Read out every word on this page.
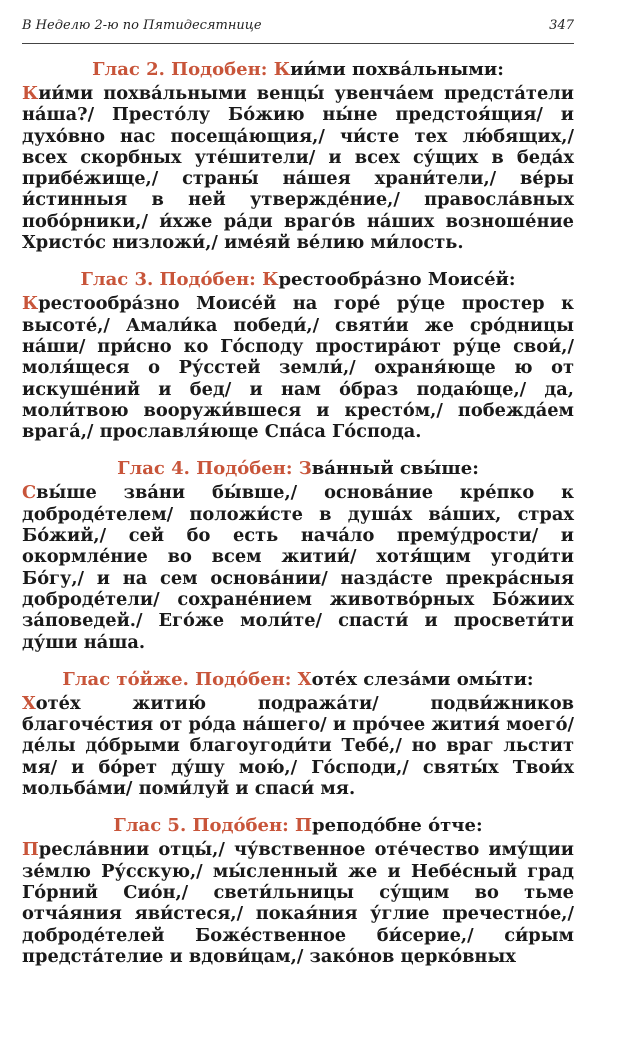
В Неделю 2-ю по Пятидесятнице	347
Глас 2. Подобен: Кии́ми похва́льными:

Кии́ми похва́льными венцы́ увенча́ем предста́тели на́ша?/ Престо́лу Бо́жию ны́не предстоя́щия/ и духо́вно нас посеща́ющия,/ чи́сте тех лю́бящих,/ всех скорбных уте́шители/ и всех су́щих в беда́х прибе́жище,/ страны́ на́шея храни́тели,/ ве́ры и́стинныя в ней утвержде́ние,/ правосла́вных побо́рники,/ и́хже ра́ди враго́в на́ших возноше́ние Христо́с низложи́,/ име́яй ве́лию ми́лость.

Глас 3. Подо́бен: Крестообра́зно Моисе́й:

Крестообра́зно Моисе́й на горе́ ру́це простер к высоте́,/ Амали́ка победи́,/ святи́и же сро́дницы на́ши/ при́сно ко Го́споду простира́ют ру́це свои́,/ моля́щеся о Ру́сстей земли́,/ охраня́юще ю от искуше́ний и бед/ и нам о́браз подаю́ще,/ да, моли́твою вооружи́вшеся и кресто́м,/ побежда́ем врага́,/ прославля́юще Спа́са Го́спода.

Глас 4. Подо́бен: Зва́нный свы́ше:

Свы́ше зва́ни бы́вше,/ основа́ние кре́пко к доброде́телем/ положи́сте в душа́х ва́ших, страх Бо́жий,/ сей бо есть нача́ло прему́дрости/ и окормле́ние во всем житии́/ хотя́щим угоди́ти Бо́гу,/ и на сем основа́нии/ назда́сте прекра́сныя доброде́тели/ сохране́нием животво́рных Бо́жиих за́поведей./ Его́же моли́те/ спасти́ и просвети́ти ду́ши на́ша.

Глас то́йже. Подо́бен: Хоте́х слеза́ми омы́ти:

Хоте́х житию́ подража́ти/ подви́жников благоче́стия от ро́да на́шего/ и про́чее жития́ моего́/ де́лы до́брыми благоугоди́ти Тебе́,/ но враг льстит мя/ и бо́рет ду́шу мою́,/ Го́споди,/ святы́х Твои́х мольба́ми/ поми́луй и спаси́ мя.

Глас 5. Подо́бен: Преподо́бне о́тче:

Пресла́внии отцы́,/ чу́вственное оте́чество иму́щии зе́млю Ру́сскую,/ мы́сленный же и Небе́сный град Го́рний Сио́н,/ свети́льницы су́щим во тьме отча́яния яви́стеся,/ покая́ния у́глие пречестно́е,/ доброде́телей Боже́ственное би́серие,/ си́рым предста́телие и вдови́цам,/ зако́нов церко́вных
